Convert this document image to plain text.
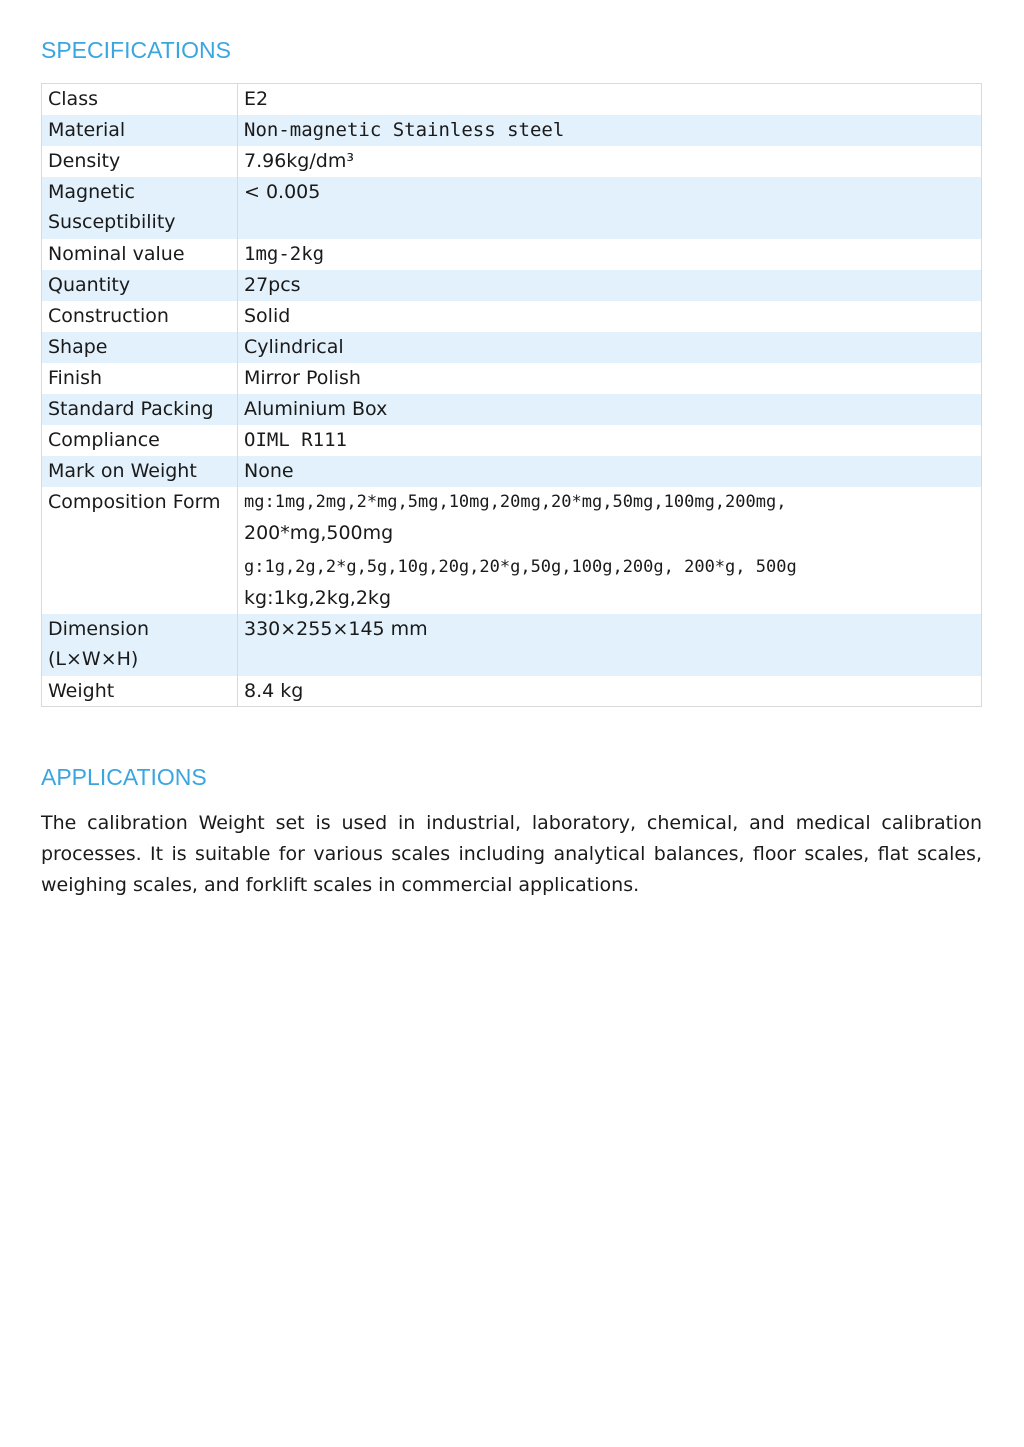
SPECIFICATIONS
Class	E2
Material	Non-magnetic Stainless steel
Density	7.96kg/dm³
Magnetic Susceptibility	< 0.005
Nominal value	1mg-2kg
Quantity	27pcs
Construction	Solid
Shape	Cylindrical
Finish	Mirror Polish
Standard Packing	Aluminium Box
Compliance	OIML R111
Mark on Weight	None
Composition Form	mg:1mg,2mg,2*mg,5mg,10mg,20mg,20*mg,50mg,100mg,200mg,
200*mg,500mg
g:1g,2g,2*g,5g,10g,20g,20*g,50g,100g,200g, 200*g, 500g
kg:1kg,2kg,2kg

Dimension (L×W×H)	330×255×145 mm
Weight	8.4 kg
APPLICATIONS

The calibration Weight set is used in industrial, laboratory, chemical, and medical calibration processes. It is suitable for various scales including analytical balances, floor scales, flat scales, weighing scales, and forklift scales in commercial applications.
